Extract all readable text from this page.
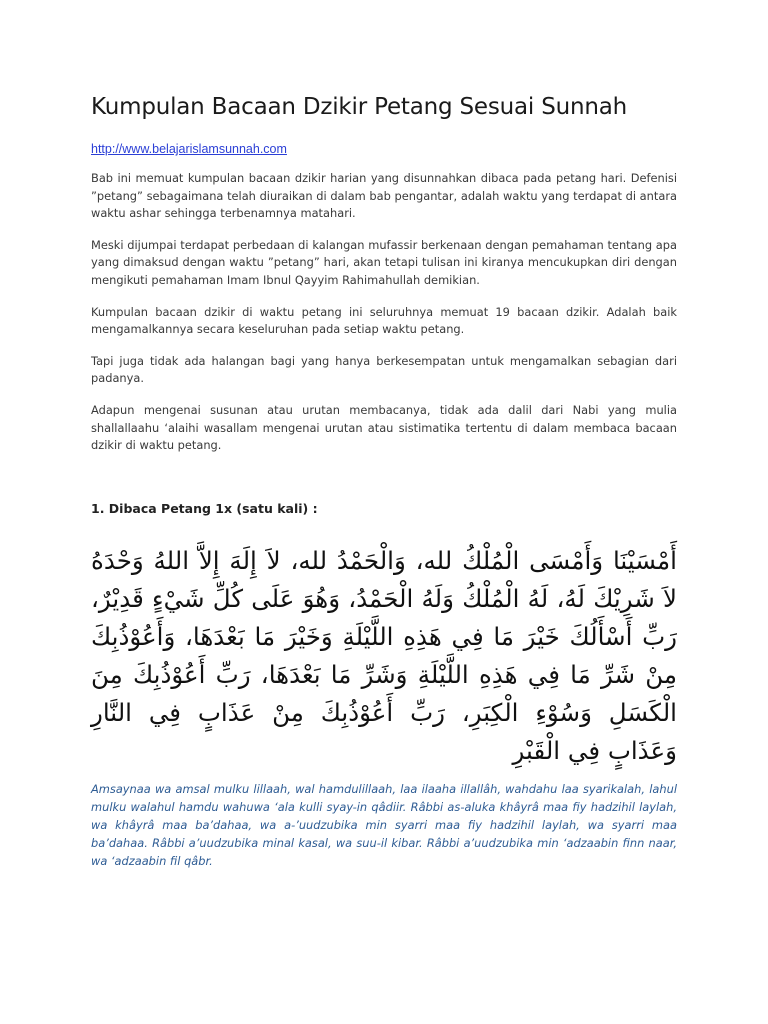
Kumpulan Bacaan Dzikir Petang Sesuai Sunnah
http://www.belajarislamsunnah.com

Bab ini memuat kumpulan bacaan dzikir harian yang disunnahkan dibaca pada petang hari. Defenisi ”petang” sebagaimana telah diuraikan di dalam bab pengantar, adalah waktu yang terdapat di antara waktu ashar sehingga terbenamnya matahari.

Meski dijumpai terdapat perbedaan di kalangan mufassir berkenaan dengan pemahaman tentang apa yang dimaksud dengan waktu ”petang” hari, akan tetapi tulisan ini kiranya mencukupkan diri dengan mengikuti pemahaman Imam Ibnul Qayyim Rahimahullah demikian.

Kumpulan bacaan dzikir di waktu petang ini seluruhnya memuat 19 bacaan dzikir. Adalah baik mengamalkannya secara keseluruhan pada setiap waktu petang.

Tapi juga tidak ada halangan bagi yang hanya berkesempatan untuk mengamalkan sebagian dari padanya.

Adapun mengenai susunan atau urutan membacanya, tidak ada dalil dari Nabi yang mulia shallallaahu ‘alaihi wasallam mengenai urutan atau sistimatika tertentu di dalam membaca bacaan dzikir di waktu petang.

1. Dibaca Petang 1x (satu kali) :
أَمْسَيْنَا وَأَمْسَى الْمُلْكُ لله، وَالْحَمْدُ لله، لاَ إِلَهَ إِلاَّ اللهُ وَحْدَهُ لاَ شَرِيْكَ لَهُ، لَهُ الْمُلْكُ وَلَهُ الْحَمْدُ، وَهُوَ عَلَى كُلِّ شَيْءٍ قَدِيْرٌ، رَبِّ أَسْأَلُكَ خَيْرَ مَا فِي هَذِهِ اللَّيْلَةِ وَخَيْرَ مَا بَعْدَهَا، وَأَعُوْذُبِكَ مِنْ شَرِّ مَا فِي هَذِهِ اللَّيْلَةِ وَشَرِّ مَا بَعْدَهَا، رَبِّ أَعُوْذُبِكَ مِنَ الْكَسَلِ وَسُوْءِ الْكِبَرِ، رَبِّ أَعُوْذُبِكَ مِنْ عَذَابٍ فِي النَّارِ وَعَذَابٍ فِي الْقَبْرِ

Amsaynaa wa amsal mulku lillaah, wal hamdulillaah, laa ilaaha illallâh, wahdahu laa syarikalah, lahul mulku walahul hamdu wahuwa ‘ala kulli syay-in qâdiir. Râbbi as-aluka khâyrâ maa fiy hadzihil laylah, wa khâyrâ maa ba’dahaa, wa a-’uudzubika min syarri maa fiy hadzihil laylah, wa syarri maa ba’dahaa. Râbbi a’uudzubika minal kasal, wa suu-il kibar. Râbbi a’uudzubika min ‘adzaabin finn naar, wa ‘adzaabin fil qâbr.
